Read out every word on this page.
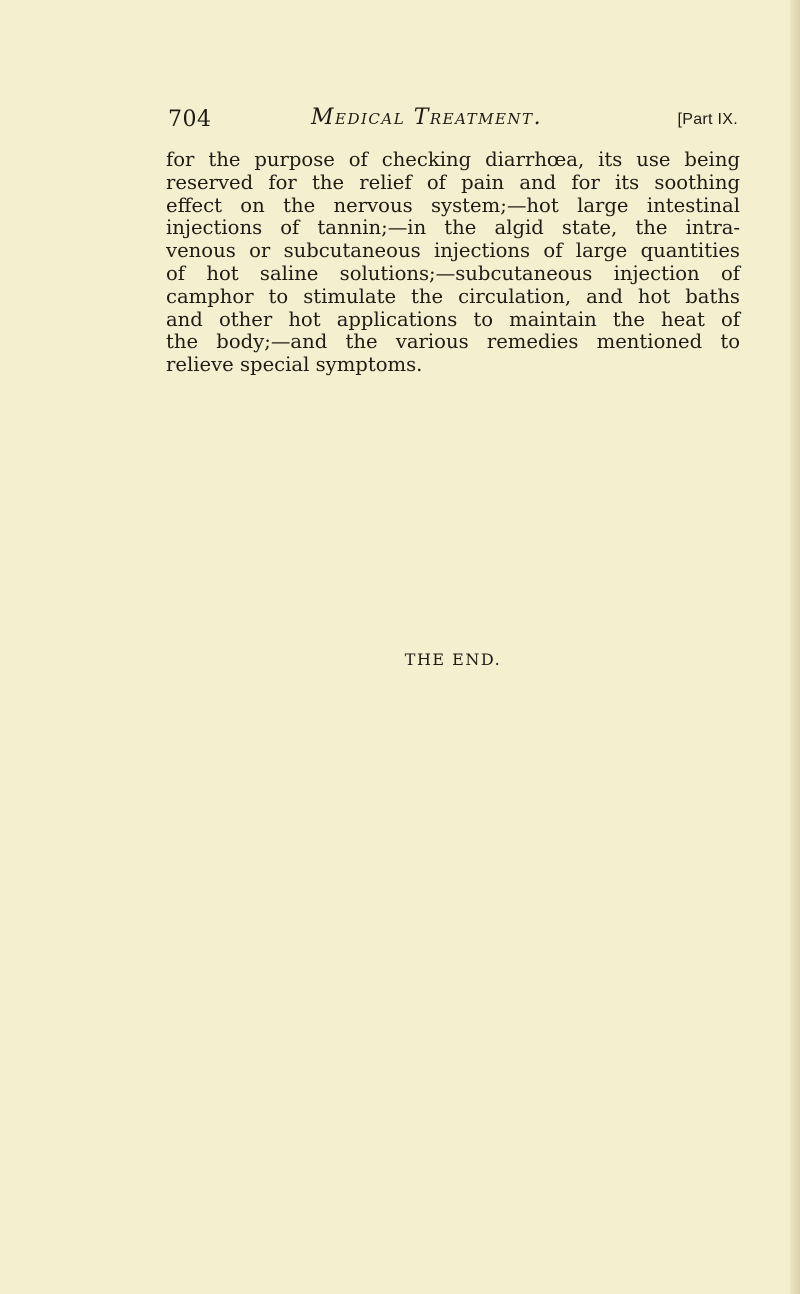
704	Medical Treatment.	[Part IX.

for the purpose of checking diarrhœa, its use being
reserved for the relief of pain and for its soothing
effect on the nervous system;—hot large intestinal
injections of tannin;—in the algid state, the intra-
venous or subcutaneous injections of large quantities
of hot saline solutions;—subcutaneous injection of
camphor to stimulate the circulation, and hot baths
and other hot applications to maintain the heat of
the body;—and the various remedies mentioned to
relieve special symptoms.

THE END.
